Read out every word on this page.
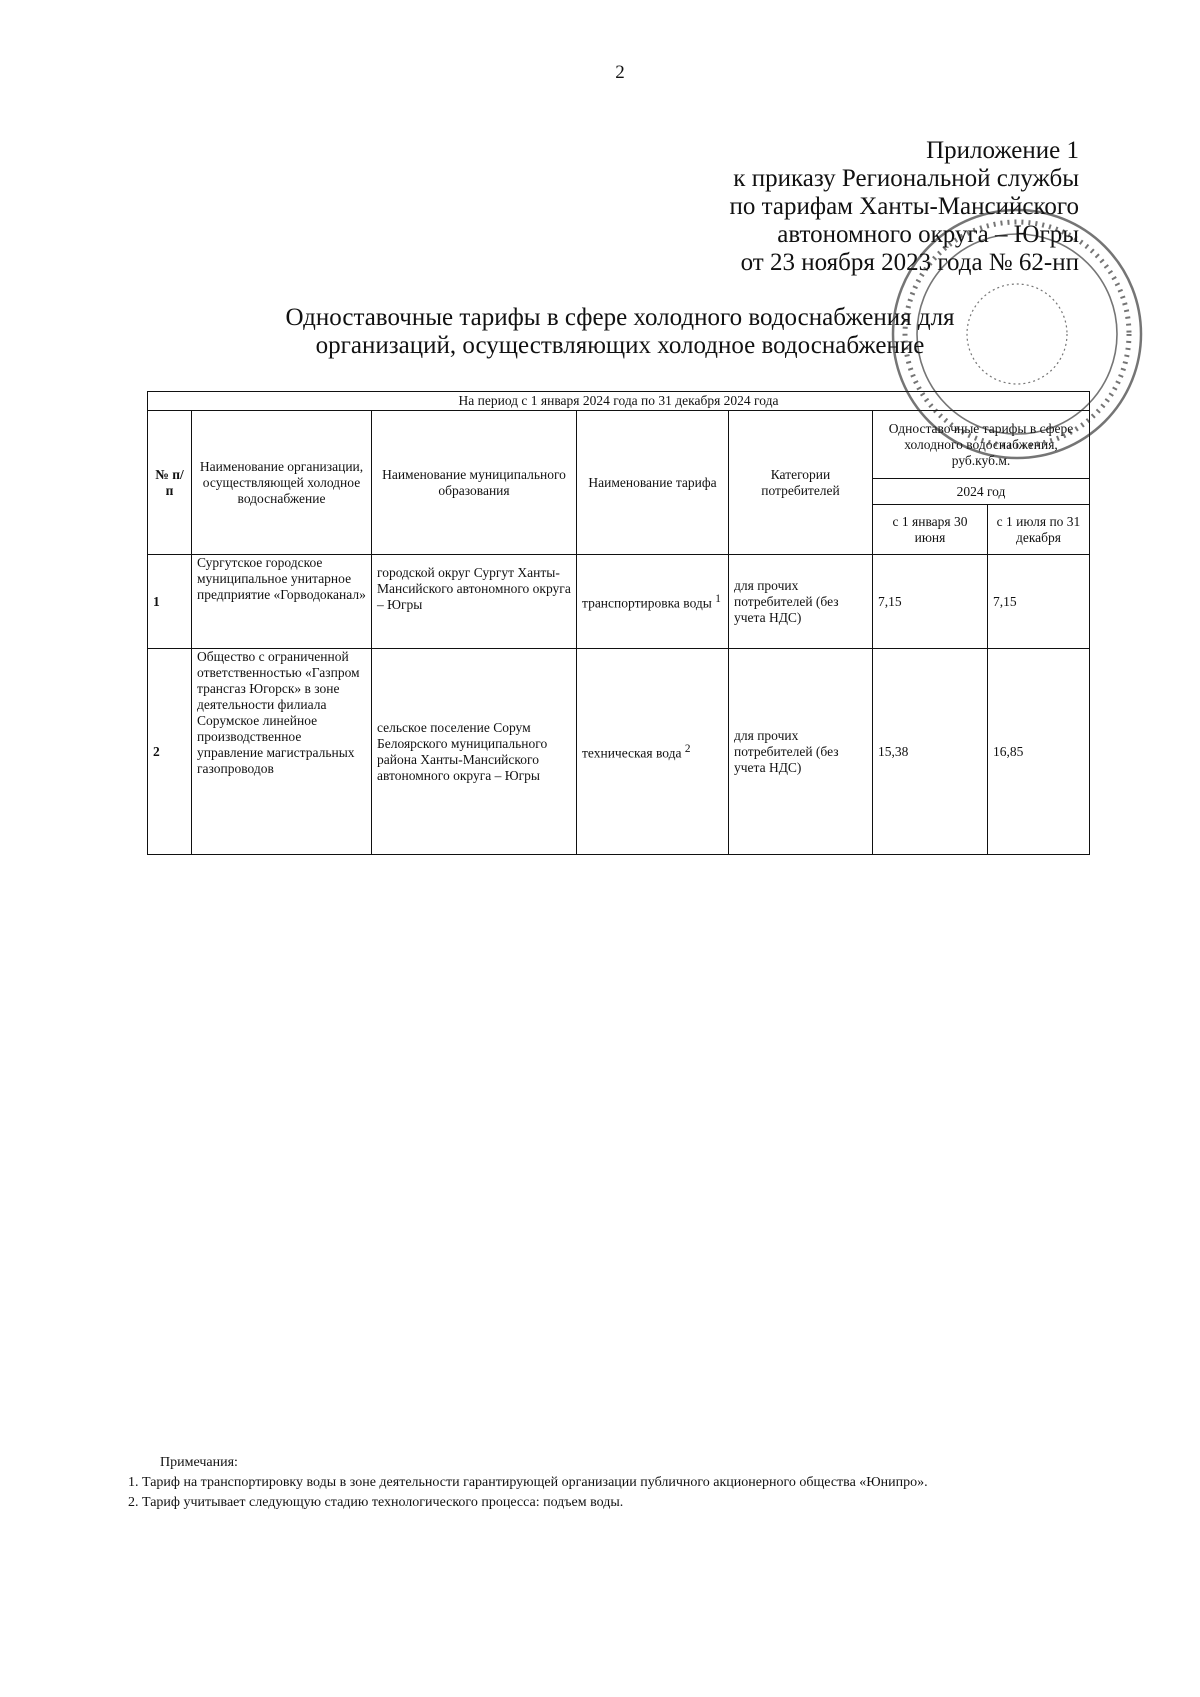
2
Приложение 1
к приказу Региональной службы
по тарифам Ханты-Мансийского
автономного округа – Югры
от 23 ноября 2023 года № 62-нп
Одноставочные тарифы в сфере холодного водоснабжения для
организаций, осуществляющих холодное водоснабжение
На период с 1 января 2024 года по 31 декабря 2024 года						
№ п/п	Наименование организации, осуществляющей холодное водоснабжение	Наименование муниципального образования	Наименование тарифа	Категории потребителей	Одноставочные тарифы в сфере холодного водоснабжения, руб.куб.м.	
					2024 год	
					с 1 января 30 июня	с 1 июля по 31 декабря
1	Сургутское городское муниципальное унитарное предприятие «Горводоканал»	городской округ Сургут Ханты-Мансийского автономного округа – Югры	транспортировка воды $^1$	для прочих потребителей (без учета НДС)	7,15	7,15
2	Общество с ограниченной ответственностью «Газпром трансгаз Югорск» в зоне деятельности филиала Сорумское линейное производственное управление магистральных газопроводов	сельское поселение Сорум Белоярского муниципального района Ханты-Мансийского автономного округа – Югры	техническая вода $^2$	для прочих потребителей (без учета НДС)	15,38	16,85
Примечания:
1. Тариф на транспортировку воды в зоне деятельности гарантирующей организации публичного акционерного общества «Юнипро».
2. Тариф учитывает следующую стадию технологического процесса: подъем воды.
